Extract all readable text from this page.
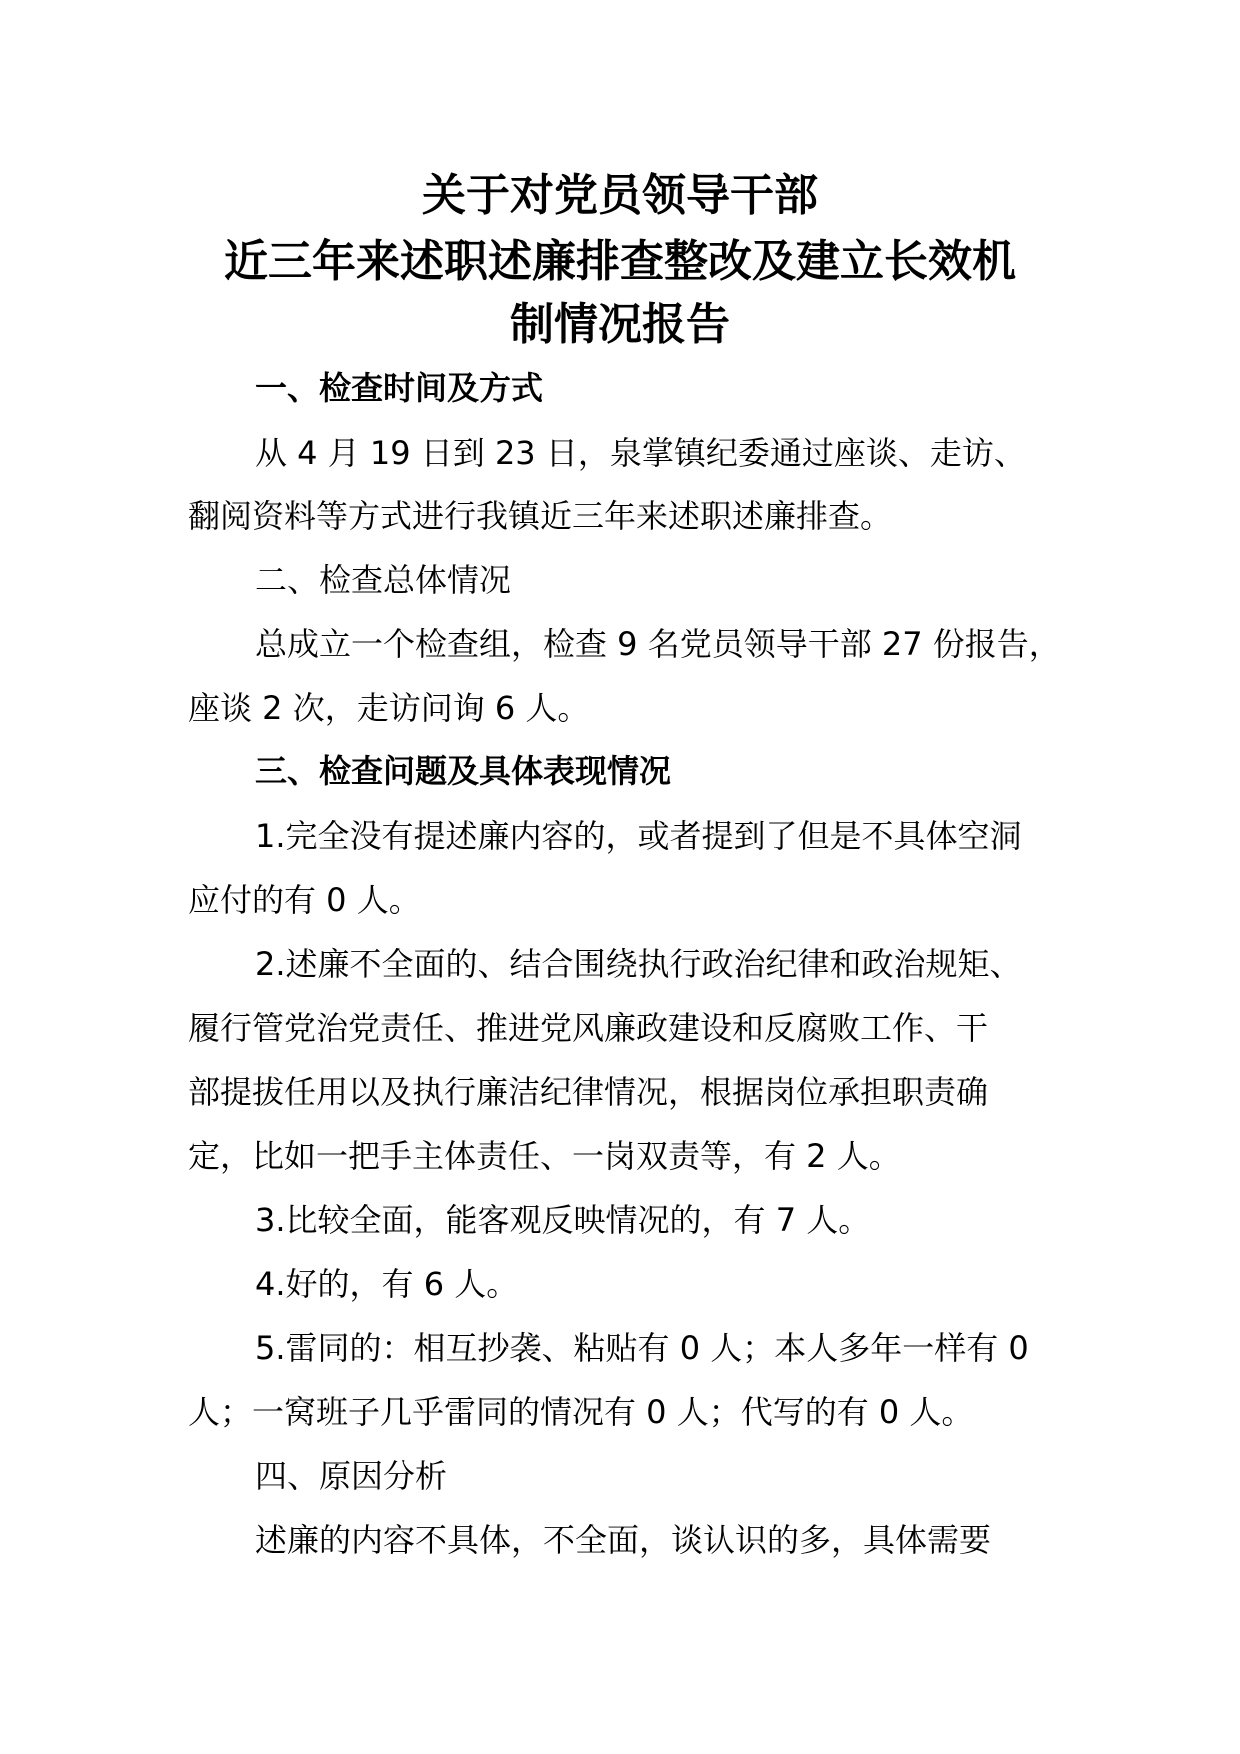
关于对党员领导干部
近三年来述职述廉排查整改及建立长效机
制情况报告
一、检查时间及方式
从 4 月 19 日到 23 日，泉掌镇纪委通过座谈、走访、
翻阅资料等方式进行我镇近三年来述职述廉排查。
二、检查总体情况
总成立一个检查组，检查 9 名党员领导干部 27 份报告，
座谈 2 次，走访问询 6 人。
三、检查问题及具体表现情况
1.完全没有提述廉内容的，或者提到了但是不具体空洞
应付的有 0 人。
2.述廉不全面的、结合围绕执行政治纪律和政治规矩、
履行管党治党责任、推进党风廉政建设和反腐败工作、干
部提拔任用以及执行廉洁纪律情况，根据岗位承担职责确
定，比如一把手主体责任、一岗双责等，有 2 人。
3.比较全面，能客观反映情况的，有 7 人。
4.好的，有 6 人。
5.雷同的：相互抄袭、粘贴有 0 人；本人多年一样有 0
人；一窝班子几乎雷同的情况有 0 人；代写的有 0 人。
四、原因分析
述廉的内容不具体，不全面，谈认识的多，具体需要
